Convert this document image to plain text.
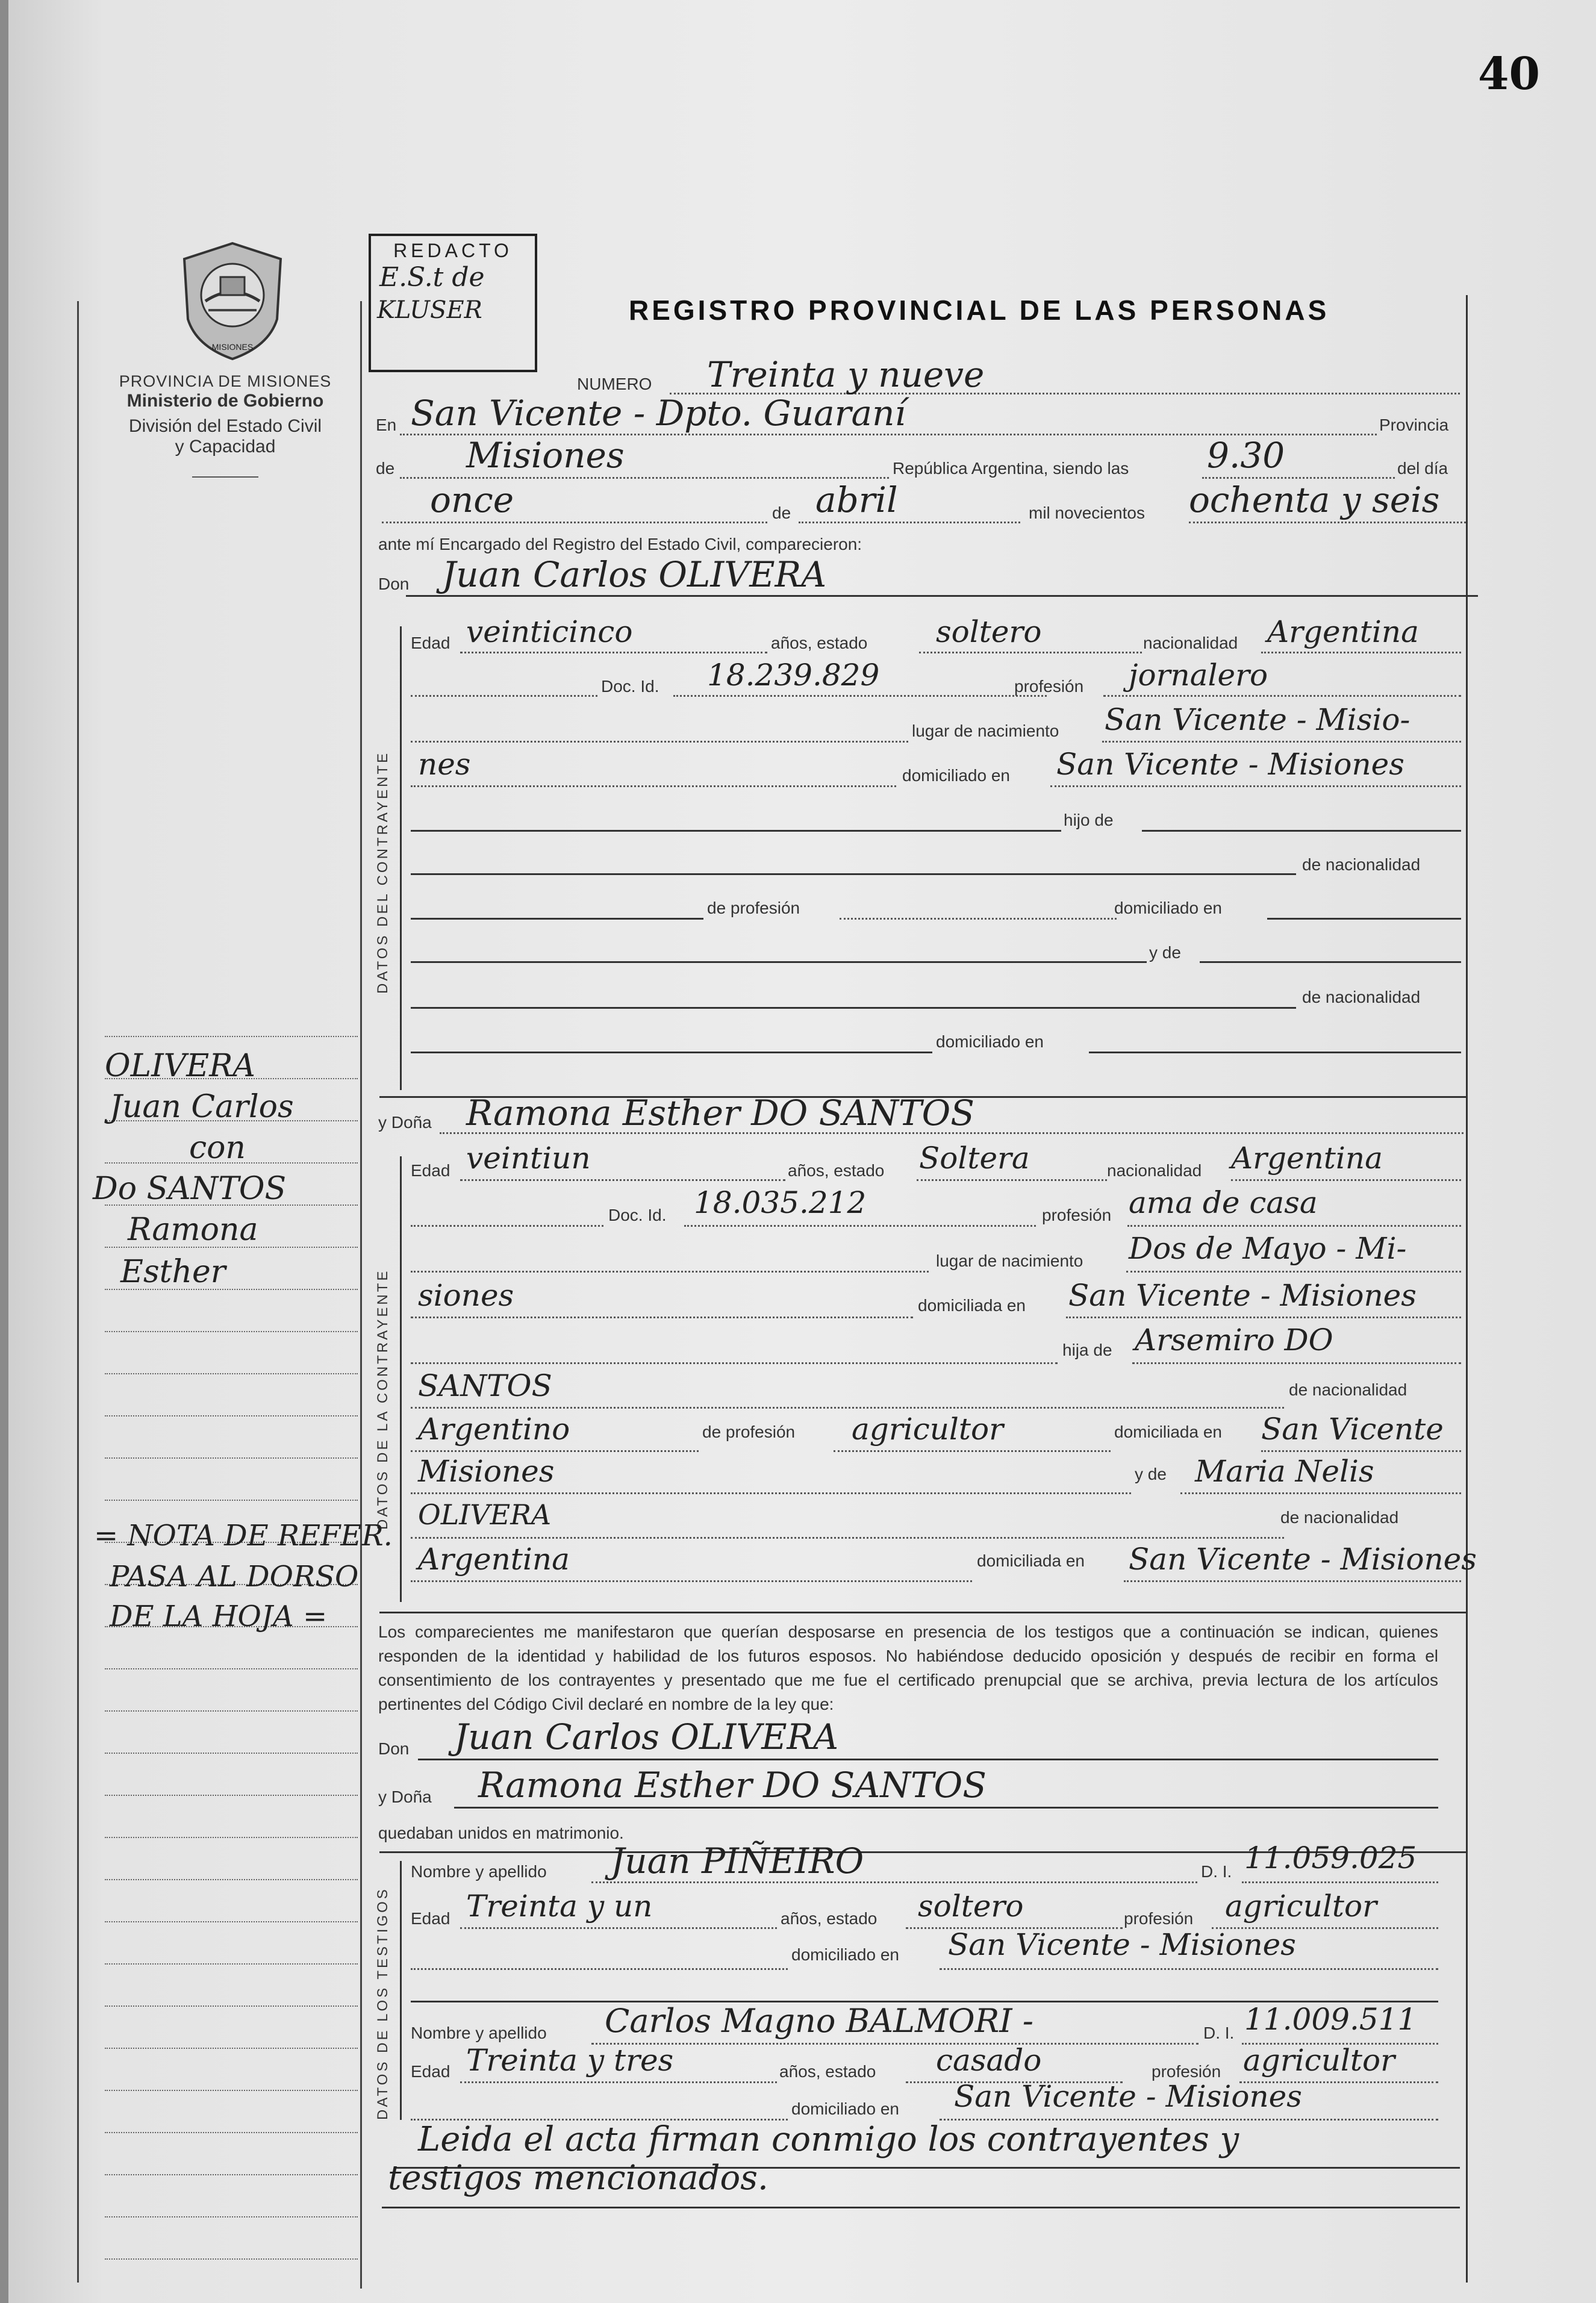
40
MISIONES
PROVINCIA DE MISIONES
Ministerio de Gobierno
División del Estado Civil
y Capacidad
REDACTO
E.S.t de
KLUSER	REGISTRO PROVINCIAL DE LAS PERSONAS
NUMERO Treinta y nueve
En San Vicente - Dpto. Guaraní	Provincia
de Misiones	República Argentina, siendo las 9.30	del día
once	de abril	mil novecientos ochenta y seis
ante mí Encargado del Registro del Estado Civil, comparecieron:
Don Juan Carlos OLIVERA
DATOS DEL CONTRAYENTE
Edad veinticinco	años, estado soltero	nacionalidad Argentina
Doc. Id. 18.239.829	profesión jornalero
lugar de nacimiento San Vicente - Misio-
nes	domiciliado en San Vicente - Misiones
hijo de
de nacionalidad
de profesión	domiciliado en
y de
de nacionalidad
domiciliado en
y Doña Ramona Esther DO SANTOS
DATOS DE LA CONTRAYENTE
Edad veintiun	años, estado Soltera	nacionalidad Argentina
Doc. Id. 18.035.212	profesión ama de casa
lugar de nacimiento Dos de Mayo - Mi-
siones	domiciliada en San Vicente - Misiones
hija de Arsemiro DO
SANTOS	de nacionalidad
Argentino	de profesión agricultor	domiciliada en San Vicente
Misiones	y de Maria Nelis
OLIVERA	de nacionalidad
Argentina	domiciliada en San Vicente - Misiones
Los comparecientes me manifestaron que querían desposarse en presencia de los testigos que a continuación se indican, quienes responden de la identidad y habilidad de los futuros esposos. No habiéndose deducido oposición y después de recibir en forma el consentimiento de los contrayentes y presentado que me fue el certificado prenupcial que se archiva, previa lectura de los artículos pertinentes del Código Civil declaré en nombre de la ley que:
Don Juan Carlos OLIVERA
y Doña Ramona Esther DO SANTOS
quedaban unidos en matrimonio.
DATOS DE LOS TESTIGOS
Nombre y apellido Juan PIÑEIRO	D. I. 11.059.025
Edad Treinta y un	años, estado soltero	profesión agricultor
domiciliado en San Vicente - Misiones
Nombre y apellido Carlos Magno BALMORI -	D. I. 11.009.511
Edad Treinta y tres	años, estado casado	profesión agricultor
domiciliado en San Vicente - Misiones
Leida el acta firman conmigo los contrayentes y
testigos mencionados.
OLIVERA
Juan Carlos
con
Do SANTOS
Ramona
Esther
= NOTA DE REFER.
PASA AL DORSO
DE LA HOJA =
